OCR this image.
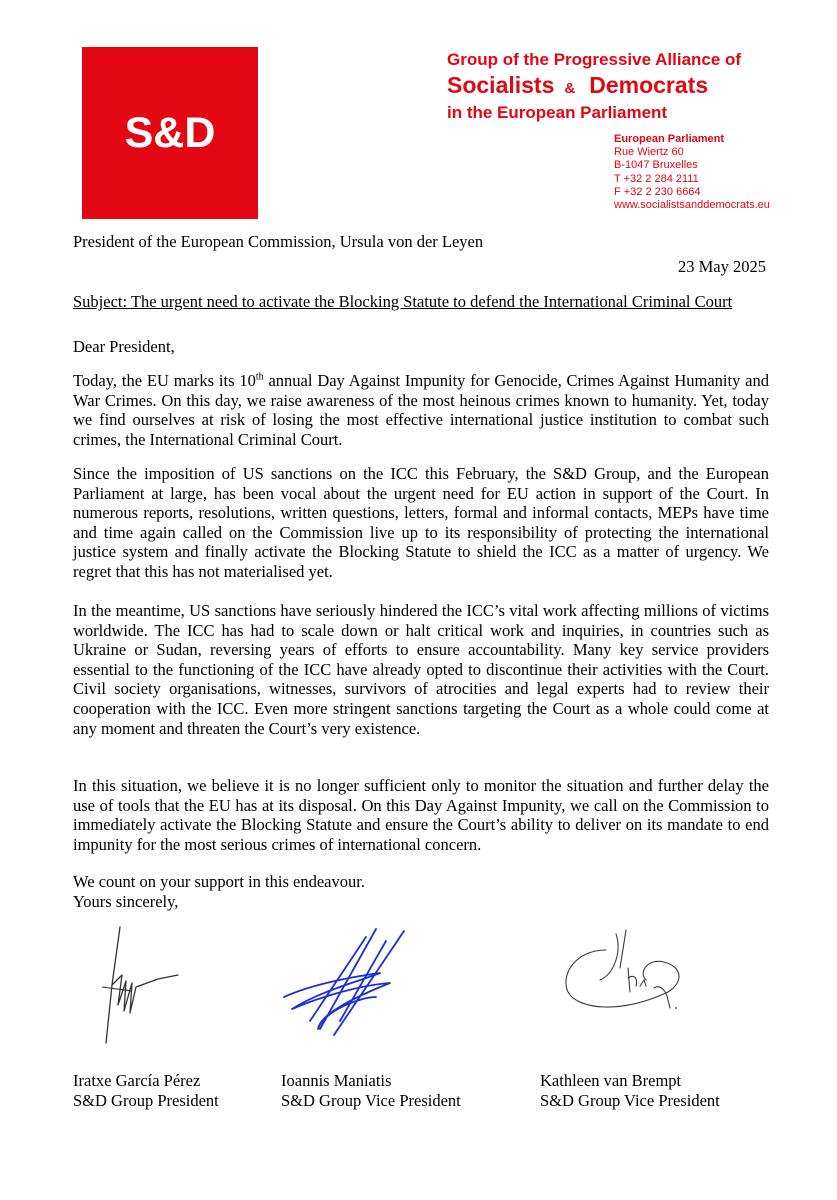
S&D
Group of the Progressive Alliance of
Socialists & Democrats
in the European Parliament
European Parliament
Rue Wiertz 60
B-1047 Bruxelles
T +32 2 284 2111
F +32 2 230 6664
www.socialistsanddemocrats.eu
President of the European Commission, Ursula von der Leyen
23 May 2025
Subject: The urgent need to activate the Blocking Statute to defend the International Criminal Court
Dear President,

Today, the EU marks its 10th annual Day Against Impunity for Genocide, Crimes Against Humanity and War Crimes. On this day, we raise awareness of the most heinous crimes known to humanity. Yet, today we find ourselves at risk of losing the most effective international justice institution to combat such crimes, the International Criminal Court.

Since the imposition of US sanctions on the ICC this February, the S&D Group, and the European Parliament at large, has been vocal about the urgent need for EU action in support of the Court. In numerous reports, resolutions, written questions, letters, formal and informal contacts, MEPs have time and time again called on the Commission live up to its responsibility of protecting the international justice system and finally activate the Blocking Statute to shield the ICC as a matter of urgency. We regret that this has not materialised yet.

In the meantime, US sanctions have seriously hindered the ICC’s vital work affecting millions of victims worldwide. The ICC has had to scale down or halt critical work and inquiries, in countries such as Ukraine or Sudan, reversing years of efforts to ensure accountability. Many key service providers essential to the functioning of the ICC have already opted to discontinue their activities with the Court. Civil society organisations, witnesses, survivors of atrocities and legal experts had to review their cooperation with the ICC. Even more stringent sanctions targeting the Court as a whole could come at any moment and threaten the Court’s very existence.

In this situation, we believe it is no longer sufficient only to monitor the situation and further delay the use of tools that the EU has at its disposal. On this Day Against Impunity, we call on the Commission to immediately activate the Blocking Statute and ensure the Court’s ability to deliver on its mandate to end impunity for the most serious crimes of international concern.

We count on your support in this endeavour.
Yours sincerely,
Iratxe García Pérez
S&D Group President
Ioannis Maniatis
S&D Group Vice President
Kathleen van Brempt
S&D Group Vice President
